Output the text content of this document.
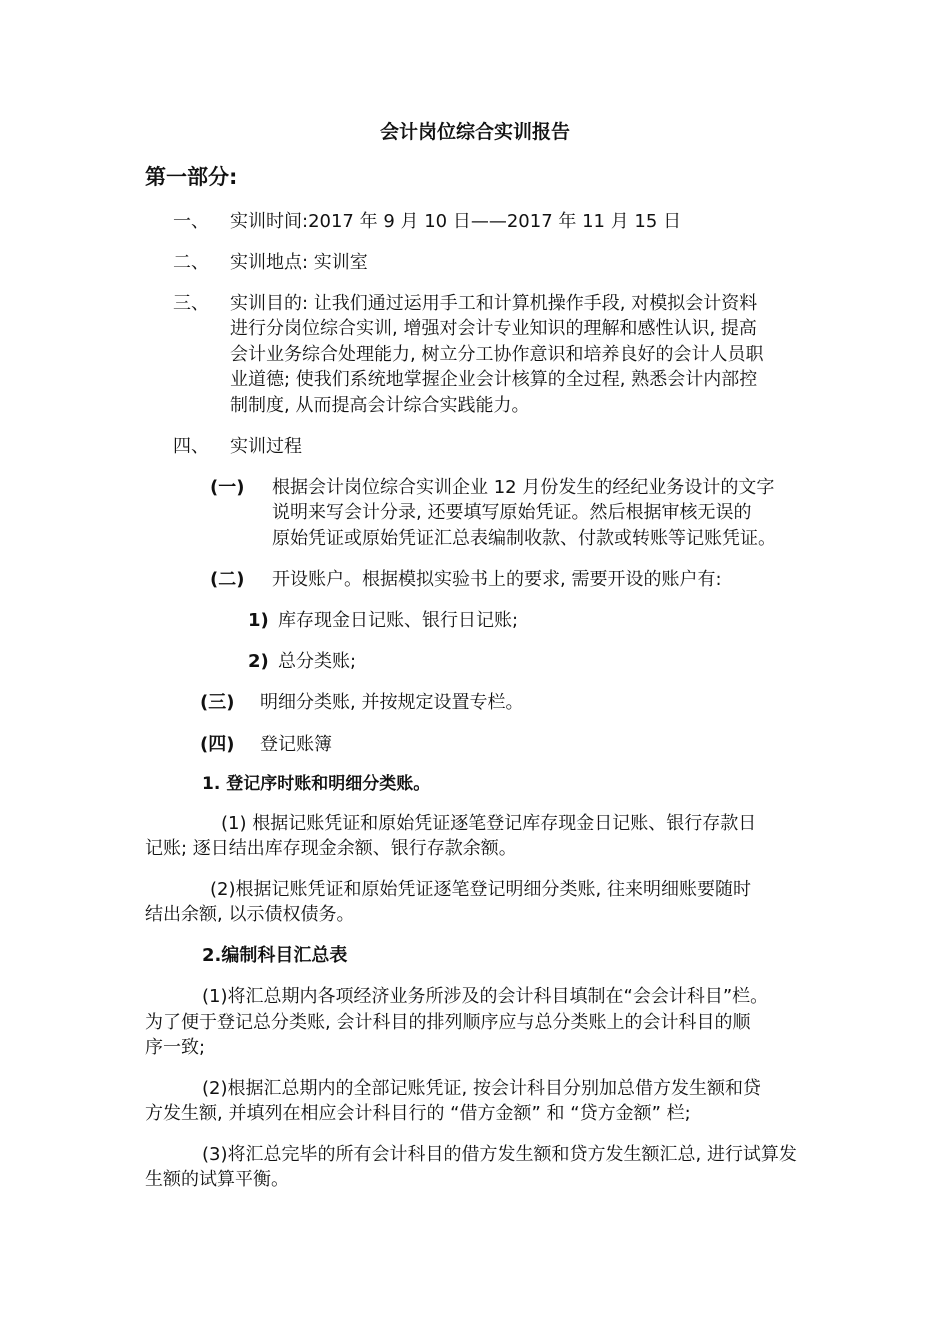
会计岗位综合实训报告
第一部分:
一、 实训时间:2017 年 9 月 10 日——2017 年 11 月 15 日
二、 实训地点: 实训室
三、 实训目的: 让我们通过运用手工和计算机操作手段, 对模拟会计资料
进行分岗位综合实训, 增强对会计专业知识的理解和感性认识, 提高
会计业务综合处理能力, 树立分工协作意识和培养良好的会计人员职
业道德; 使我们系统地掌握企业会计核算的全过程, 熟悉会计内部控
制制度, 从而提高会计综合实践能力。
四、 实训过程
(一) 根据会计岗位综合实训企业 12 月份发生的经纪业务设计的文字
说明来写会计分录, 还要填写原始凭证。然后根据审核无误的
原始凭证或原始凭证汇总表编制收款、付款或转账等记账凭证。
(二) 开设账户。根据模拟实验书上的要求, 需要开设的账户有:
1) 库存现金日记账、银行日记账;
2) 总分类账;
(三) 明细分类账, 并按规定设置专栏。
(四) 登记账簿
1. 登记序时账和明细分类账。
(1) 根据记账凭证和原始凭证逐笔登记库存现金日记账、银行存款日
记账; 逐日结出库存现金余额、银行存款余额。
(2)根据记账凭证和原始凭证逐笔登记明细分类账, 往来明细账要随时
结出余额, 以示债权债务。
2.编制科目汇总表
(1)将汇总期内各项经济业务所涉及的会计科目填制在“会会计科目”栏。
为了便于登记总分类账, 会计科目的排列顺序应与总分类账上的会计科目的顺
序一致;
(2)根据汇总期内的全部记账凭证, 按会计科目分别加总借方发生额和贷
方发生额, 并填列在相应会计科目行的 “借方金额” 和 “贷方金额” 栏;
(3)将汇总完毕的所有会计科目的借方发生额和贷方发生额汇总, 进行试算发
生额的试算平衡。
